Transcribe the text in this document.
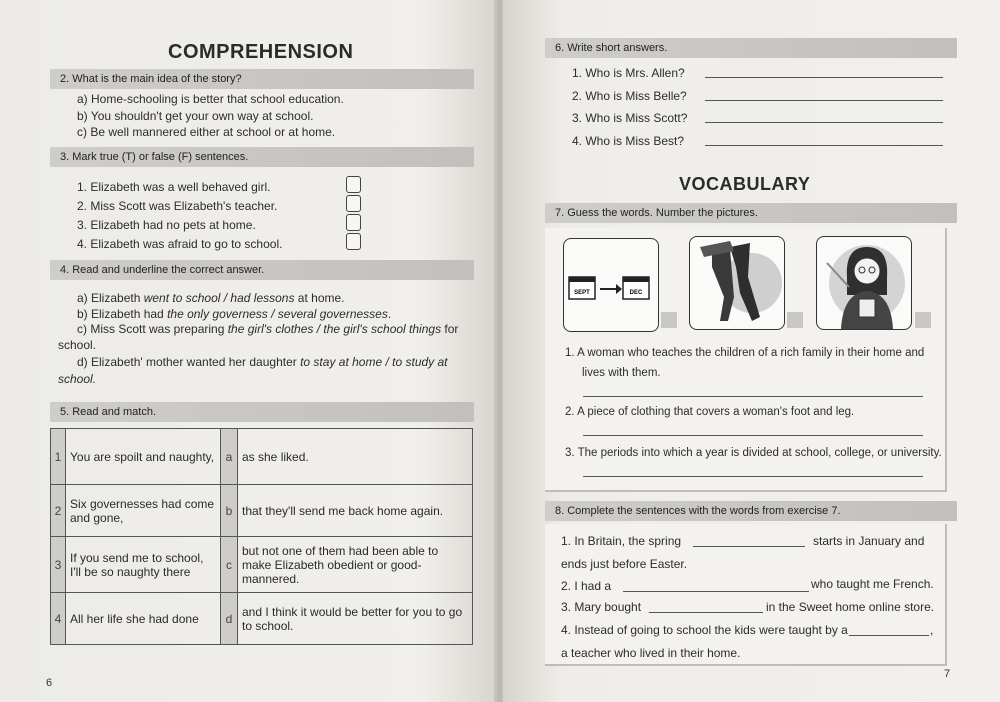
COMPREHENSION
2. What is the main idea of the story?
a) Home-schooling is better that school education.
b) You shouldn't get your own way at school.
c) Be well mannered either at school or at home.
3. Mark true (T) or false (F) sentences.
1. Elizabeth was a well behaved girl.
2. Miss Scott was Elizabeth's teacher.
3. Elizabeth had no pets at home.
4. Elizabeth was afraid to go to school.
4. Read and underline the correct answer.
a) Elizabeth went to school / had lessons at home.
b) Elizabeth had the only governess / several governesses.
c) Miss Scott was preparing the girl's clothes / the girl's school things for
school.
d) Elizabeth' mother wanted her daughter to stay at home / to study at
school.
5. Read and match.
1	You are spoilt and naughty,	a	as she liked.
2	Six governesses had come and gone,	b	that they'll send me back home again.
3	If you send me to school, I'll be so naughty there	c	but not one of them had been able to make Elizabeth obedient or good-mannered.
4	All her life she had done	d	and I think it would be better for you to go to school.
6
6. Write short answers.
1. Who is Mrs. Allen?
2. Who is Miss Belle?
3. Who is Miss Scott?
4. Who is Miss Best?
VOCABULARY
7. Guess the words. Number the pictures.
SEPT	DEC
1. A woman who teaches the children of a rich family in their home and
lives with them.
2. A piece of clothing that covers a woman's foot and leg.
3. The periods into which a year is divided at school, college, or university.
8. Complete the sentences with the words from exercise 7.
1. In Britain, the spring	starts in January and
ends just before Easter.
2. I had a	who taught me French.
3. Mary bought	in the Sweet home online store.
4. Instead of going to school the kids were taught by a	,
a teacher who lived in their home.
7
